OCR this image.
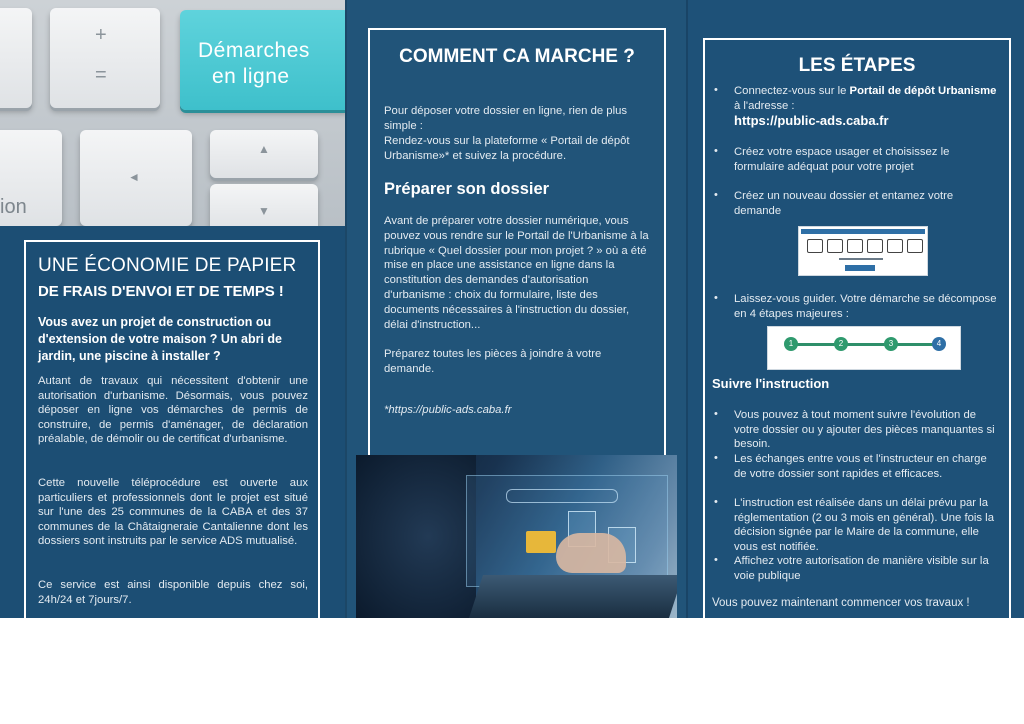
+
=
Démarches
en ligne
◄
▲
▼
ion
UNE ÉCONOMIE DE PAPIER
DE FRAIS D'ENVOI ET DE TEMPS !
Vous avez un projet de construction ou d'extension de votre maison ? Un abri de jardin, une piscine à installer ?
Autant de travaux qui nécessitent d'obtenir une autorisation d'urbanisme. Désormais, vous pouvez déposer en ligne vos démarches de permis de construire, de permis d'aménager, de déclaration préalable, de démolir ou de certificat d'urbanisme.
Cette nouvelle téléprocédure est ouverte aux particuliers et professionnels dont le projet est situé sur l'une des 25 communes de la CABA et des 37 communes de la Châtaigneraie Cantalienne dont les dossiers sont instruits par le service ADS mutualisé.
Ce service est ainsi disponible depuis chez soi, 24h/24 et 7jours/7.
COMMENT CA MARCHE ?
Pour déposer votre dossier en ligne, rien de plus simple :
Rendez-vous sur la plateforme « Portail de dépôt Urbanisme»* et suivez la procédure.
Préparer son dossier
Avant de préparer votre dossier numérique, vous pouvez vous rendre sur le Portail de l'Urbanisme à la rubrique « Quel dossier pour mon projet ? » où a été mise en place une assistance en ligne dans la constitution des demandes d'autorisation d'urbanisme : choix du formulaire, liste des documents nécessaires à l'instruction du dossier, délai d'instruction...
Préparez toutes les pièces à joindre à votre demande.
*https://public-ads.caba.fr
LES ÉTAPES
• Connectez-vous sur le Portail de dépôt Urbanisme à l'adresse :
https://public-ads.caba.fr
• Créez votre espace usager et choisissez le formulaire adéquat pour votre projet
• Créez un nouveau dossier et entamez votre demande
• Laissez-vous guider. Votre démarche se décompose en 4 étapes majeures :
1	2	3	4
Suivre l'instruction
• Vous pouvez à tout moment suivre l'évolution de votre dossier ou y ajouter des pièces manquantes si besoin.
• Les échanges entre vous et l'instructeur en charge de votre dossier sont rapides et efficaces.
• L'instruction est réalisée dans un délai prévu par la réglementation (2 ou 3 mois en général). Une fois la décision signée par le Maire de la commune, elle vous est notifiée.
• Affichez votre autorisation de manière visible sur la voie publique
Vous pouvez maintenant commencer vos travaux !
